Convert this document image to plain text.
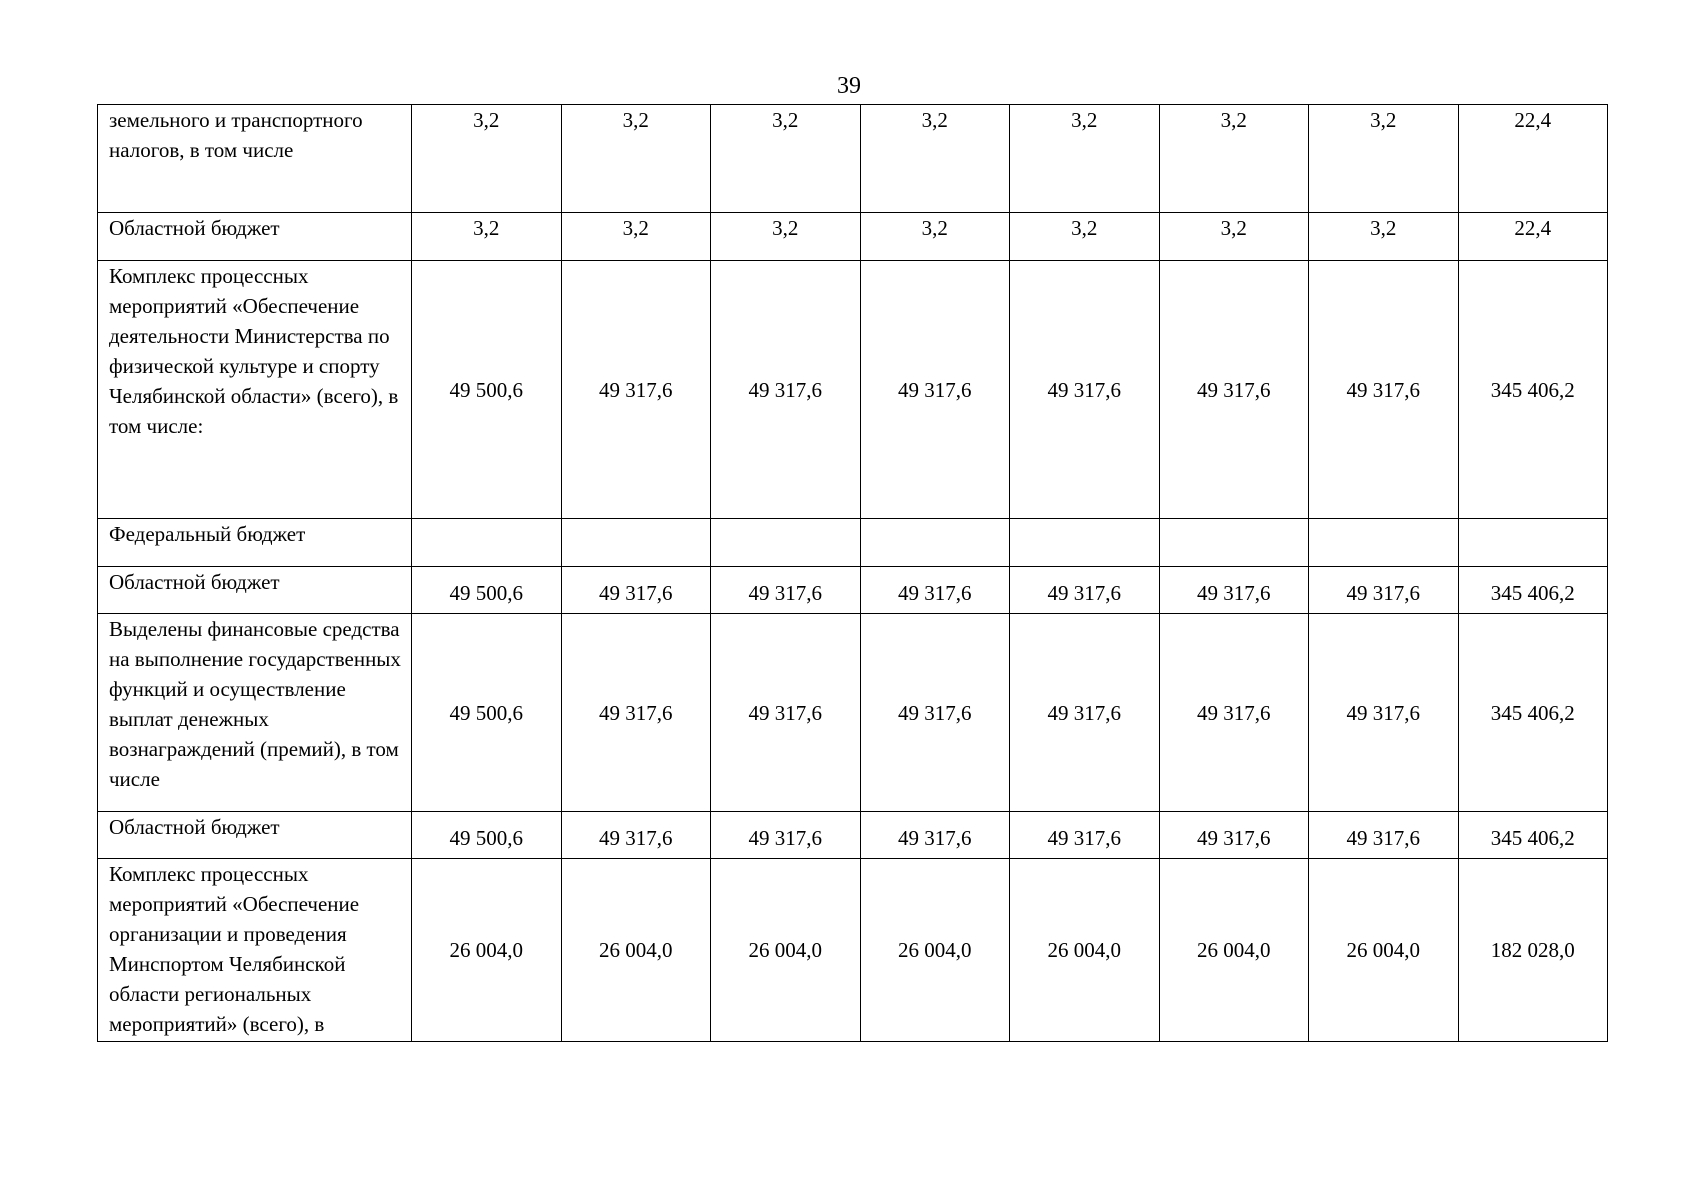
39
земельного и транспортного налогов, в том числе	3,2	3,2	3,2	3,2	3,2	3,2	3,2	22,4
Областной бюджет	3,2	3,2	3,2	3,2	3,2	3,2	3,2	22,4
Комплекс процессных мероприятий «Обеспечение деятельности Министерства по физической культуре и спорту Челябинской области» (всего), в том числе:	49 500,6	49 317,6	49 317,6	49 317,6	49 317,6	49 317,6	49 317,6	345 406,2
Федеральный бюджет								
Областной бюджет	49 500,6	49 317,6	49 317,6	49 317,6	49 317,6	49 317,6	49 317,6	345 406,2
Выделены финансовые средства на выполнение государственных функций и осуществление выплат денежных вознаграждений (премий), в том числе	49 500,6	49 317,6	49 317,6	49 317,6	49 317,6	49 317,6	49 317,6	345 406,2
Областной бюджет	49 500,6	49 317,6	49 317,6	49 317,6	49 317,6	49 317,6	49 317,6	345 406,2
Комплекс процессных мероприятий «Обеспечение организации и проведения Минспортом Челябинской области региональных мероприятий» (всего), в	26 004,0	26 004,0	26 004,0	26 004,0	26 004,0	26 004,0	26 004,0	182 028,0
